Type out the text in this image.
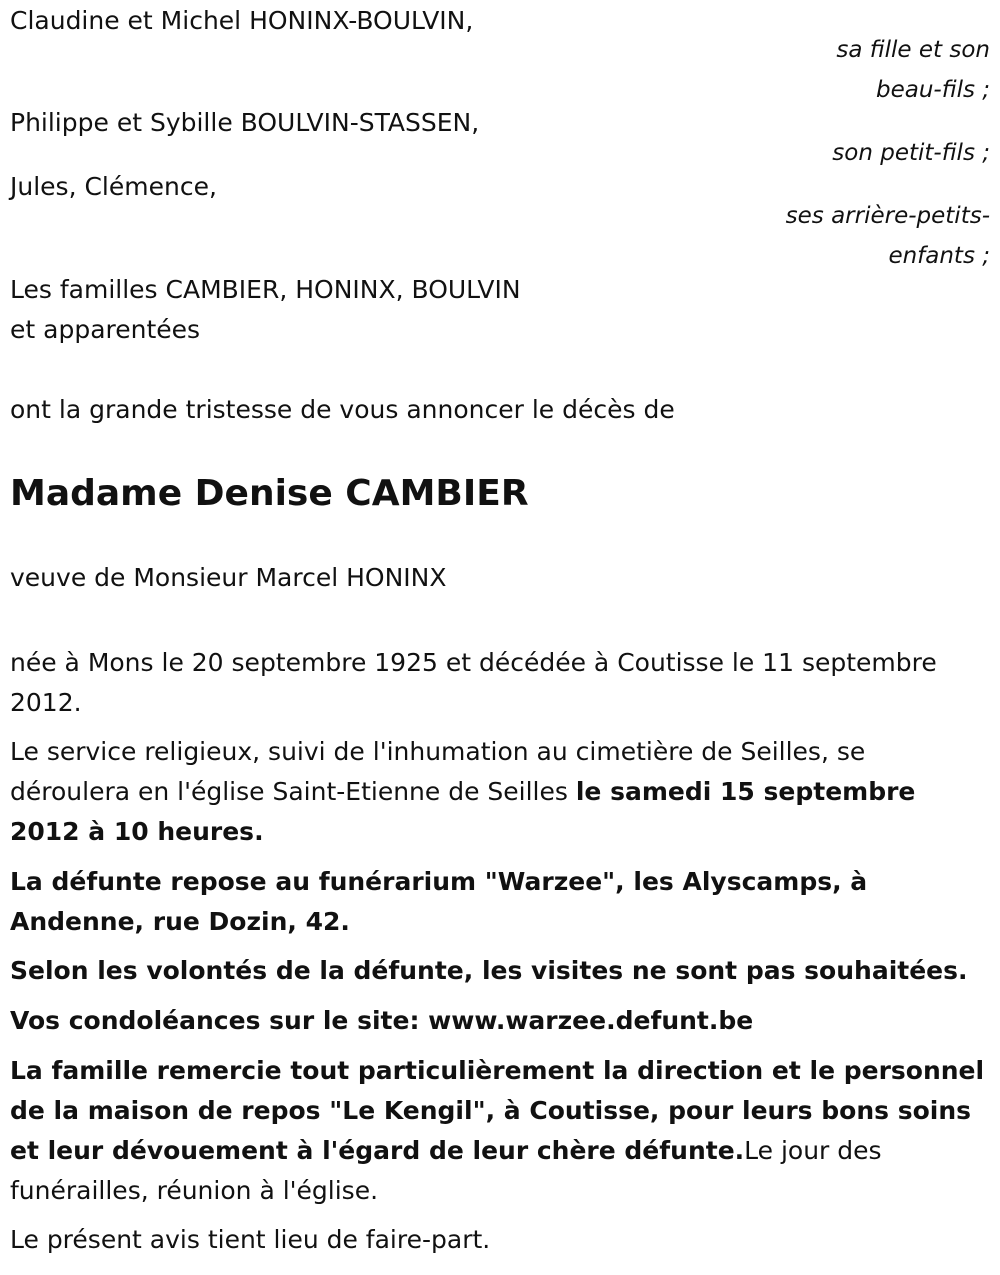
Claudine et Michel HONINX-BOULVIN,

sa fille et son

beau-fils ;

Philippe et Sybille BOULVIN-STASSEN,

son petit-fils ;

Jules, Clémence,

ses arrière-petits-

enfants ;

Les familles CAMBIER, HONINX, BOULVIN

et apparentées

ont la grande tristesse de vous annoncer le décès de

Madame Denise CAMBIER

veuve de Monsieur Marcel HONINX

née à Mons le 20 septembre 1925 et décédée à Coutisse le 11 septembre 2012.

Le service religieux, suivi de l'inhumation au cimetière de Seilles, se déroulera en l'église Saint-Etienne de Seilles le samedi 15 septembre 2012 à 10 heures.

La défunte repose au funérarium "Warzee", les Alyscamps, à Andenne, rue Dozin, 42.

Selon les volontés de la défunte, les visites ne sont pas souhaitées.

Vos condoléances sur le site: www.warzee.defunt.be

La famille remercie tout particulièrement la direction et le personnel de la maison de repos "Le Kengil", à Coutisse, pour leurs bons soins et leur dévouement à l'égard de leur chère défunte.Le jour des funérailles, réunion à l'église.

Le présent avis tient lieu de faire-part.
